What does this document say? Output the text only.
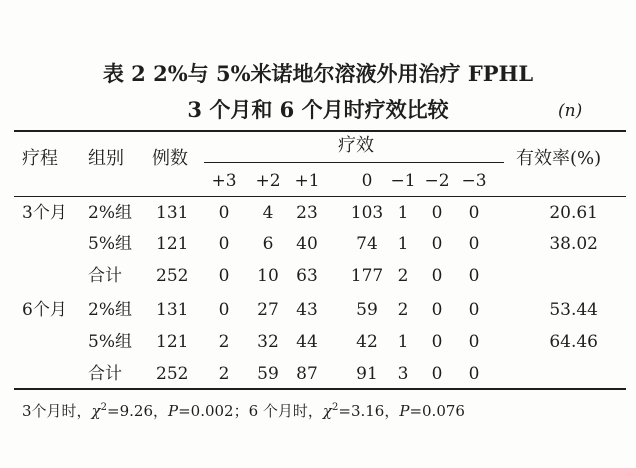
表 2 2%与 5%米诺地尔溶液外用治疗 FPHL
3 个月和 6 个月时疗效比较	(n)
疗程 组别 例数
疗效
有效率(%)
+3 +2 +1 0 −1 −2 −3
3个月 2%组 131 0 4 23 103 1 0 0	20.61
5%组 121 0 6 40 74 1 0 0	38.02
合计 252 0 10 63 177 2 0 0
6个月 2%组 131 0 27 43 59 2 0 0	53.44
5%组 121 2 32 44 42 1 0 0	64.46
合计 252 2 59 87 91 3 0 0
3个月时，$\chi^2=9.26$，P=0.002；6 个月时，$\chi^2=3.16$，P=0.076
